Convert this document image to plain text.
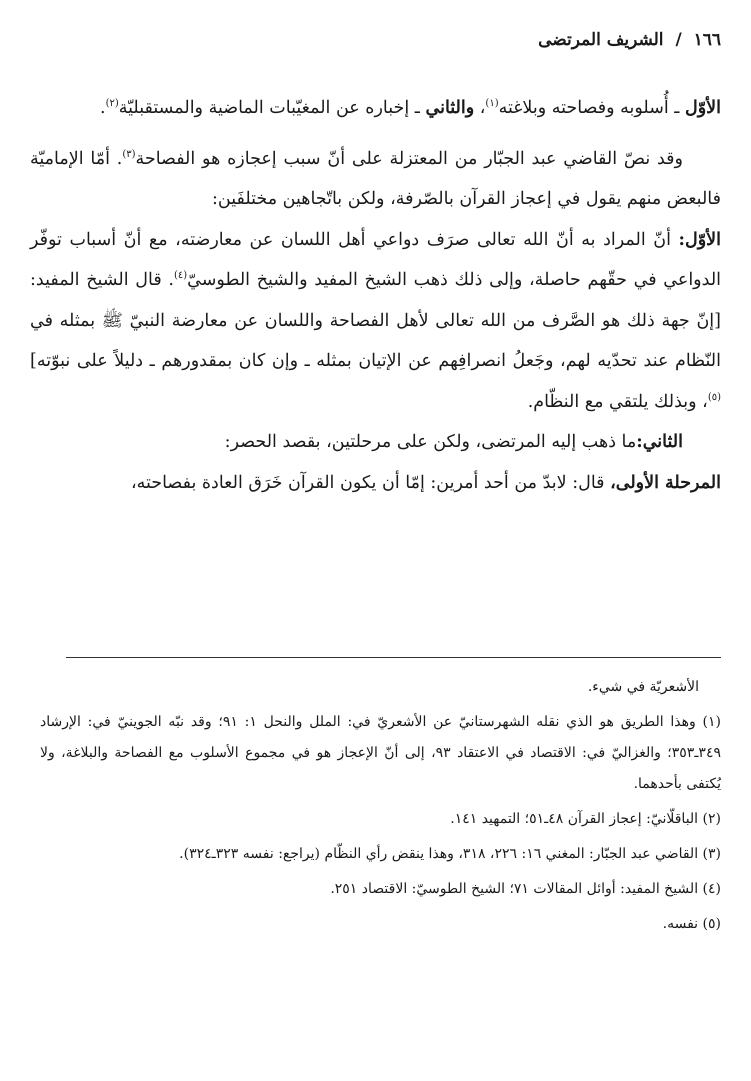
١٦٦ / الشريف المرتضى

الأوّل ـ أُسلوبه وفصاحته وبلاغته$^{(١)}$، والثاني ـ إخباره عن المغيّبات الماضية والمستقبليّة$^{(٢)}$.

وقد نصّ القاضي عبد الجبّار من المعتزلة على أنّ سبب إعجازه هو الفصاحة$^{(٣)}$. أمّا الإماميّة فالبعض منهم يقول في إعجاز القرآن بالصّرفة، ولكن باتّجاهين مختلفَين:

الأوّل: أنّ المراد به أنّ الله تعالى صرَف دواعي أهل اللسان عن معارضته، مع أنّ أسباب توفّر الدواعي في حقّهم حاصلة، وإلى ذلك ذهب الشيخ المفيد والشيخ الطوسيّ$^{(٤)}$. قال الشيخ المفيد: [إنّ جهة ذلك هو الصَّرف من الله تعالى لأهل الفصاحة واللسان عن معارضة النبيّ ﷺ بمثله في النّظام عند تحدّيه لهم، وجَعلُ انصرافِهم عن الإتيان بمثله ـ وإن كان بمقدورهم ـ دليلاً على نبوّته]$^{(٥)}$، وبذلك يلتقي مع النظّام.

الثاني:ما ذهب إليه المرتضى، ولكن على مرحلتين، بقصد الحصر:

المرحلة الأولى، قال: لابدّ من أحد أمرين: إمّا أن يكون القرآن خَرَق العادة بفصاحته،

الأشعريّة في شيء.

(١) وهذا الطريق هو الذي نقله الشهرستانيّ عن الأشعريّ في: الملل والنحل ١: ٩١؛ وقد نبّه الجوينيّ في: الإرشاد ٣٤٩ـ٣٥٣؛ والغزاليّ في: الاقتصاد في الاعتقاد ٩٣، إلى أنّ الإعجاز هو في مجموع الأسلوب مع الفصاحة والبلاغة، ولا يُكتفى بأحدهما.

(٢) الباقلّانيّ: إعجاز القرآن ٤٨ـ٥١؛ التمهيد ١٤١.

(٣) القاضي عبد الجبّار: المغني ١٦: ٢٢٦، ٣١٨، وهذا ينقض رأي النظّام (يراجع: نفسه ٣٢٣ـ٣٢٤).

(٤) الشيخ المفيد: أوائل المقالات ٧١؛ الشيخ الطوسيّ: الاقتصاد ٢٥١.

(٥) نفسه.
